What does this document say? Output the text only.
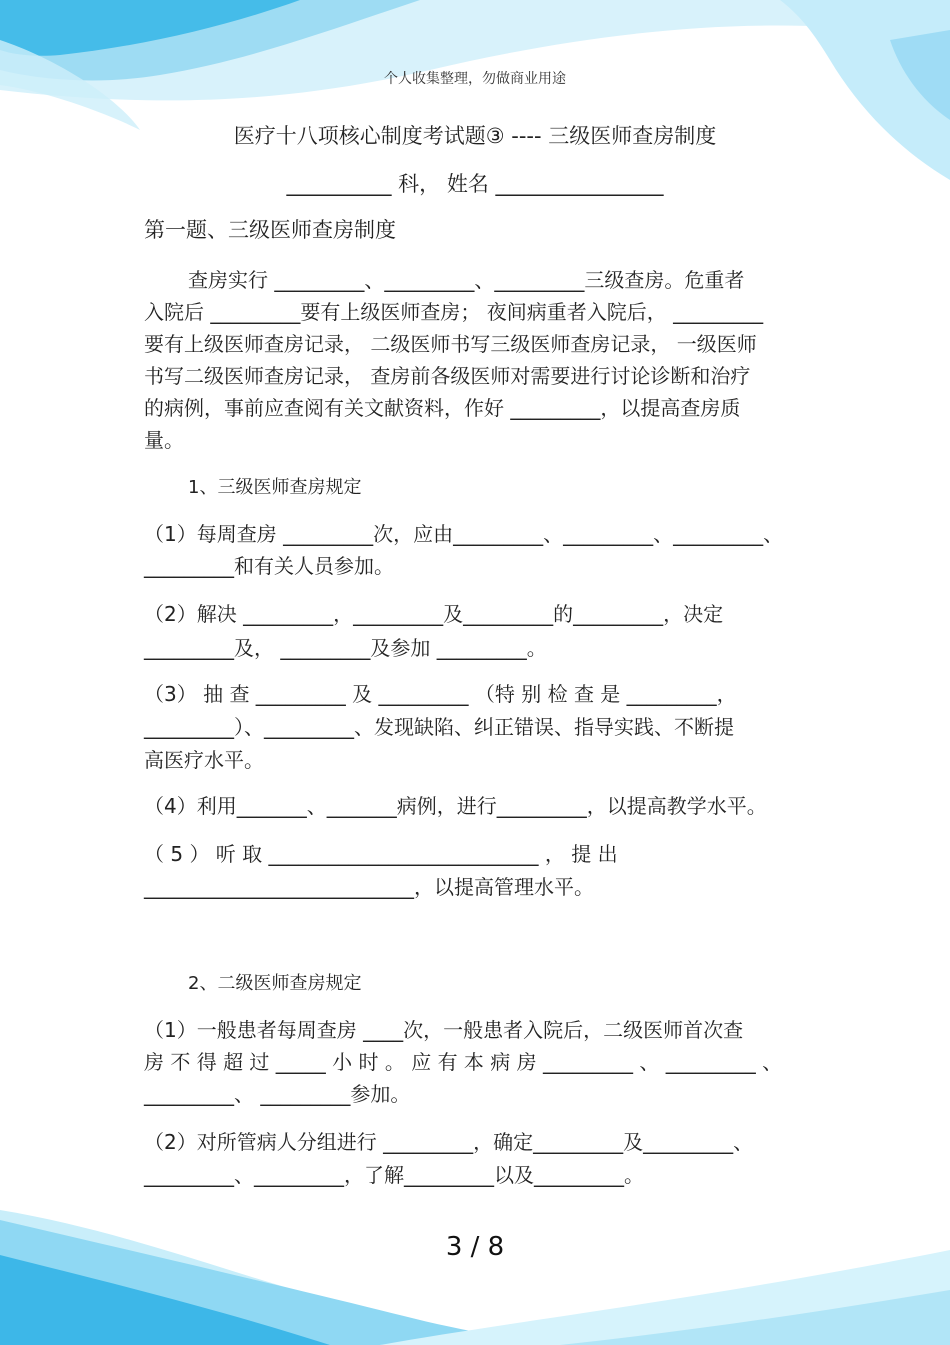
个人收集整理，勿做商业用途
医疗十八项核心制度考试题③ ---- 三级医师查房制度
__________ 科， 姓名 ________________
第一题、三级医师查房制度
查房实行 _________、_________、_________三级查房。危重者
入院后 _________要有上级医师查房； 夜间病重者入院后， _________
要有上级医师查房记录， 二级医师书写三级医师查房记录， 一级医师
书写二级医师查房记录， 查房前各级医师对需要进行讨论诊断和治疗
的病例，事前应查阅有关文献资料，作好 _________，以提高查房质
量。
1、三级医师查房规定
（1）每周查房 _________次，应由_________、_________、_________、
_________和有关人员参加。
（2）解决 _________，_________及_________的_________，决定
_________及， _________及参加 _________。
（3） 抽 查 _________ 及 _________ （特 别 检 查 是 _________，
_________）、_________、发现缺陷、纠正错误、指导实践、不断提
高医疗水平。
（4）利用_______、_______病例，进行_________，以提高教学水平。
（ 5 ） 听 取 ___________________________ ， 提 出
___________________________，以提高管理水平。
2、二级医师查房规定
（1）一般患者每周查房 ____次，一般患者入院后，二级医师首次查
房 不 得 超 过 _____ 小 时 。 应 有 本 病 房 _________ 、 _________ 、
_________、 _________参加。
（2）对所管病人分组进行 _________，确定_________及_________、
_________、_________，了解_________以及_________。
3 / 8
